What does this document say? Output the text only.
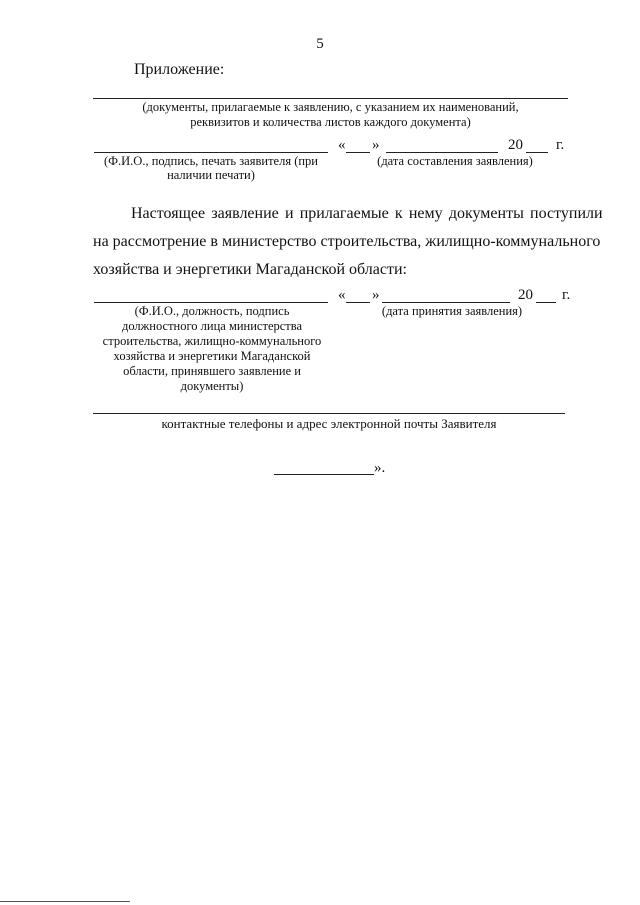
5
Приложение:
(документы, прилагаемые к заявлению, с указанием их наименований,
реквизитов и количества листов каждого документа)
« »	20 г.
(Ф.И.О., подпись, печать заявителя (при
наличии печати)
(дата составления заявления)
Настоящее заявление и прилагаемые к нему документы поступили
на рассмотрение в министерство строительства, жилищно-коммунального
хозяйства и энергетики Магаданской области:
« »	20 г.
(Ф.И.О., должность, подпись
должностного лица министерства
строительства, жилищно-коммунального
хозяйства и энергетики Магаданской
области, принявшего заявление и
документы)
(дата принятия заявления)
контактные телефоны и адрес электронной почты Заявителя
».
